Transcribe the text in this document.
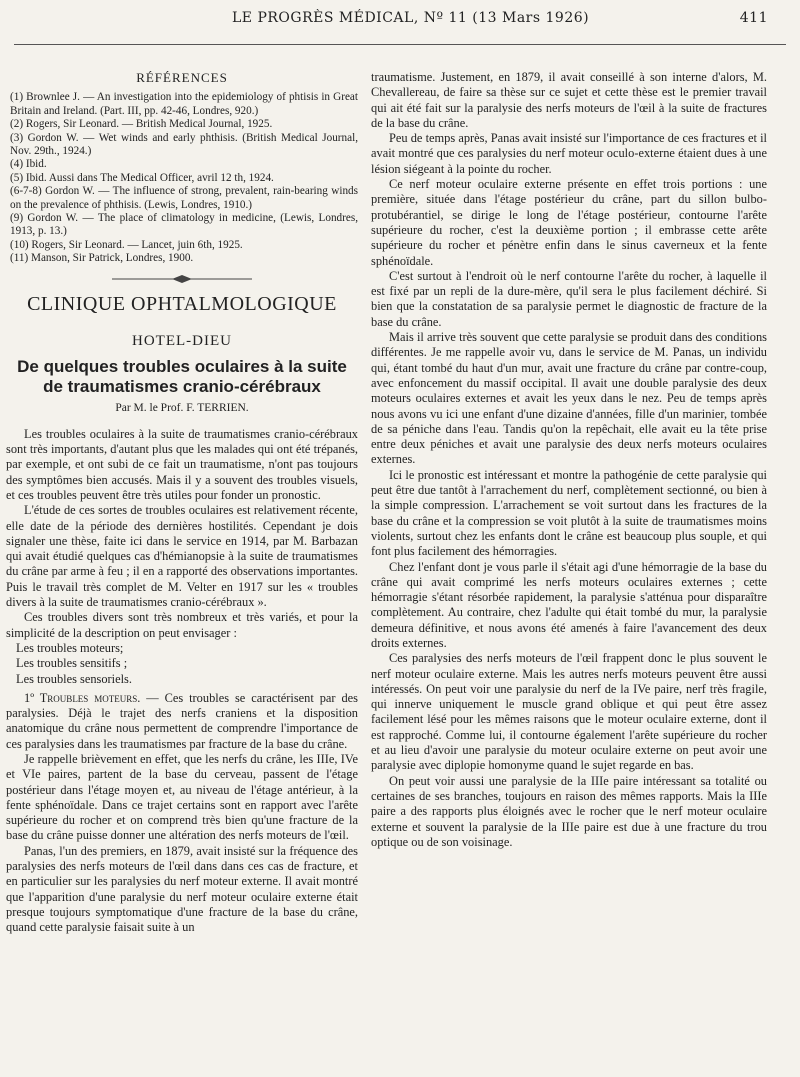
LE PROGRÈS MÉDICAL, Nº 11 (13 Mars 1926)	411
RÉFÉRENCES

(1) Brownlee J. — An investigation into the epidemiology of phtisis in Great Britain and Ireland. (Part. III, pp. 42-46, Londres, 920.)

(2) Rogers, Sir Leonard. — British Medical Journal, 1925.

(3) Gordon W. — Wet winds and early phthisis. (British Medical Journal, Nov. 29th., 1924.)

(4) Ibid.

(5) Ibid. Aussi dans The Medical Officer, avril 12 th, 1924.

(6-7-8) Gordon W. — The influence of strong, prevalent, rain-bearing winds on the prevalence of phthisis. (Lewis, Londres, 1910.)

(9) Gordon W. — The place of climatology in medicine, (Lewis, Londres, 1913, p. 13.)

(10) Rogers, Sir Leonard. — Lancet, juin 6th, 1925.

(11) Manson, Sir Patrick, Londres, 1900.

CLINIQUE OPHTALMOLOGIQUE
HOTEL-DIEU
De quelques troubles oculaires à la suite
de traumatismes cranio-cérébraux
Par M. le Prof. F. TERRIEN.

Les troubles oculaires à la suite de traumatismes cranio-cérébraux sont très importants, d'autant plus que les malades qui ont été trépanés, par exemple, et ont subi de ce fait un traumatisme, n'ont pas toujours des symptômes bien accusés. Mais il y a souvent des troubles visuels, et ces troubles peuvent être très utiles pour fonder un pronostic.

L'étude de ces sortes de troubles oculaires est relativement récente, elle date de la période des dernières hostilités. Cependant je dois signaler une thèse, faite ici dans le service en 1914, par M. Barbazan qui avait étudié quelques cas d'hémianopsie à la suite de traumatismes du crâne par arme à feu ; il en a rapporté des observations importantes. Puis le travail très complet de M. Velter en 1917 sur les « troubles divers à la suite de traumatismes cranio-cérébraux ».

Ces troubles divers sont très nombreux et très variés, et pour la simplicité de la description on peut envisager :

Les troubles moteurs;

Les troubles sensitifs ;

Les troubles sensoriels.

1º Troubles moteurs. — Ces troubles se caractérisent par des paralysies. Déjà le trajet des nerfs craniens et la disposition anatomique du crâne nous permettent de comprendre l'importance de ces paralysies dans les traumatismes par fracture de la base du crâne.

Je rappelle brièvement en effet, que les nerfs du crâne, les IIIe, IVe et VIe paires, partent de la base du cerveau, passent de l'étage postérieur dans l'étage moyen et, au niveau de l'étage antérieur, à la fente sphénoïdale. Dans ce trajet certains sont en rapport avec l'arête supérieure du rocher et on comprend très bien qu'une fracture de la base du crâne puisse donner une altération des nerfs moteurs de l'œil.

Panas, l'un des premiers, en 1879, avait insisté sur la fréquence des paralysies des nerfs moteurs de l'œil dans dans ces cas de fracture, et en particulier sur les paralysies du nerf moteur externe. Il avait montré que l'apparition d'une paralysie du nerf moteur oculaire externe était presque toujours symptomatique d'une fracture de la base du crâne, quand cette paralysie faisait suite à un

traumatisme. Justement, en 1879, il avait conseillé à son interne d'alors, M. Chevallereau, de faire sa thèse sur ce sujet et cette thèse est le premier travail qui ait été fait sur la paralysie des nerfs moteurs de l'œil à la suite de fractures de la base du crâne.

Peu de temps après, Panas avait insisté sur l'importance de ces fractures et il avait montré que ces paralysies du nerf moteur oculo-externe étaient dues à une lésion siégeant à la pointe du rocher.

Ce nerf moteur oculaire externe présente en effet trois portions : une première, située dans l'étage postérieur du crâne, part du sillon bulbo-protubérantiel, se dirige le long de l'étage postérieur, contourne l'arête supérieure du rocher, c'est la deuxième portion ; il embrasse cette arête supérieure du rocher et pénètre enfin dans le sinus caverneux et la fente sphénoïdale.

C'est surtout à l'endroit où le nerf contourne l'arête du rocher, à laquelle il est fixé par un repli de la dure-mère, qu'il sera le plus facilement déchiré. Si bien que la constatation de sa paralysie permet le diagnostic de fracture de la base du crâne.

Mais il arrive très souvent que cette paralysie se produit dans des conditions différentes. Je me rappelle avoir vu, dans le service de M. Panas, un individu qui, étant tombé du haut d'un mur, avait une fracture du crâne par contre-coup, avec enfoncement du massif occipital. Il avait une double paralysie des deux moteurs oculaires externes et avait les yeux dans le nez. Peu de temps après nous avons vu ici une enfant d'une dizaine d'années, fille d'un marinier, tombée de sa péniche dans l'eau. Tandis qu'on la repêchait, elle avait eu la tête prise entre deux péniches et avait une paralysie des deux nerfs moteurs oculaires externes.

Ici le pronostic est intéressant et montre la pathogénie de cette paralysie qui peut être due tantôt à l'arrachement du nerf, complètement sectionné, ou bien à la simple compression. L'arrachement se voit surtout dans les fractures de la base du crâne et la compression se voit plutôt à la suite de traumatismes moins violents, surtout chez les enfants dont le crâne est beaucoup plus souple, et qui font plus facilement des hémorragies.

Chez l'enfant dont je vous parle il s'était agi d'une hémorragie de la base du crâne qui avait comprimé les nerfs moteurs oculaires externes ; cette hémorragie s'étant résorbée rapidement, la paralysie s'atténua pour disparaître complètement. Au contraire, chez l'adulte qui était tombé du mur, la paralysie demeura définitive, et nous avons été amenés à faire l'avancement des deux droits externes.

Ces paralysies des nerfs moteurs de l'œil frappent donc le plus souvent le nerf moteur oculaire externe. Mais les autres nerfs moteurs peuvent être aussi intéressés. On peut voir une paralysie du nerf de la IVe paire, nerf très fragile, qui innerve uniquement le muscle grand oblique et qui peut être assez facilement lésé pour les mêmes raisons que le moteur oculaire externe, dont il est rapproché. Comme lui, il contourne également l'arête supérieure du rocher et au lieu d'avoir une paralysie du moteur oculaire externe on peut avoir une paralysie avec diplopie homonyme quand le sujet regarde en bas.

On peut voir aussi une paralysie de la IIIe paire intéressant sa totalité ou certaines de ses branches, toujours en raison des mêmes rapports. Mais la IIIe paire a des rapports plus éloignés avec le rocher que le nerf moteur oculaire externe et souvent la paralysie de la IIIe paire est due à une fracture du trou optique ou de son voisinage.
